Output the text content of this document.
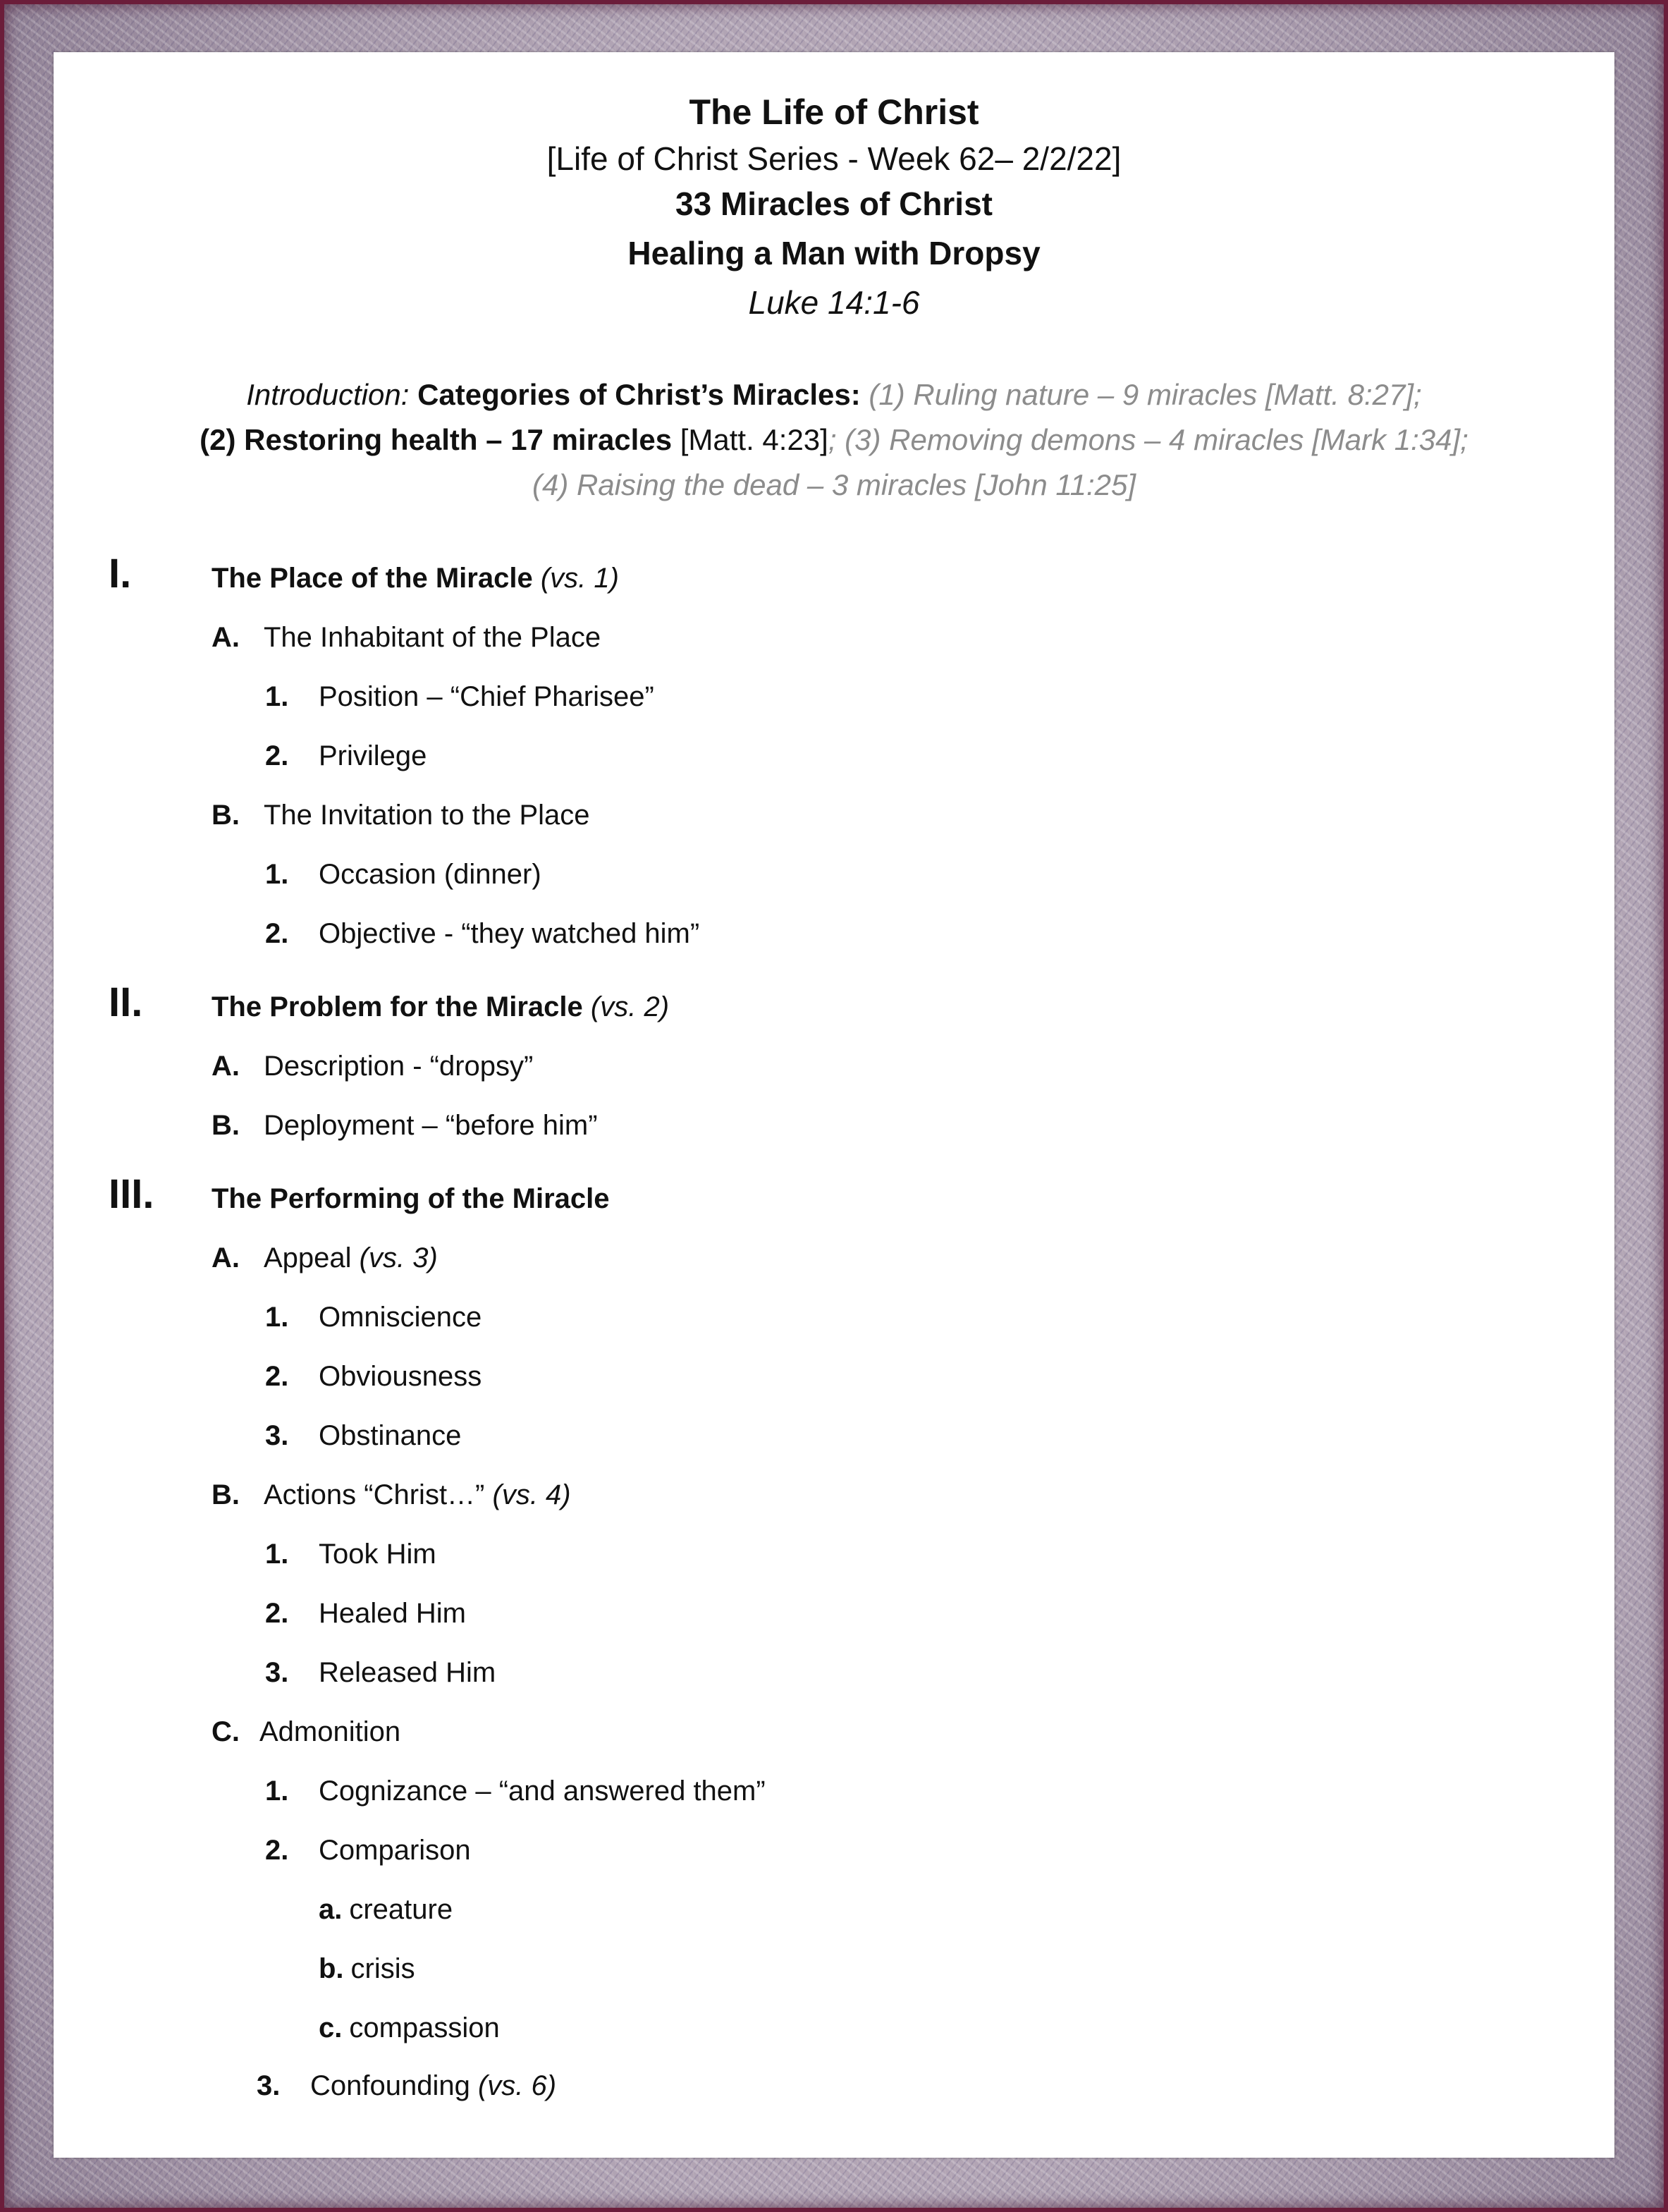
The Life of Christ
[Life of Christ Series - Week 62– 2/2/22]
33 Miracles of Christ
Healing a Man with Dropsy
Luke 14:1-6
Introduction: Categories of Christ’s Miracles: (1) Ruling nature – 9 miracles [Matt. 8:27];
(2) Restoring health – 17 miracles [Matt. 4:23]; (3) Removing demons – 4 miracles [Mark 1:34];
(4) Raising the dead – 3 miracles [John 11:25]
I.	The Place of the Miracle (vs. 1)
A. The Inhabitant of the Place
1. Position – “Chief Pharisee”
2. Privilege
B. The Invitation to the Place
1. Occasion (dinner)
2. Objective - “they watched him”
II. The Problem for the Miracle (vs. 2)
A. Description - “dropsy”
B. Deployment – “before him”
III. The Performing of the Miracle
A. Appeal (vs. 3)
1. Omniscience
2. Obviousness
3. Obstinance
B. Actions “Christ…” (vs. 4)
1. Took Him
2. Healed Him
3. Released Him
C. Admonition
1. Cognizance – “and answered them”
2. Comparison
a. creature
b. crisis
c. compassion
3. Confounding (vs. 6)
